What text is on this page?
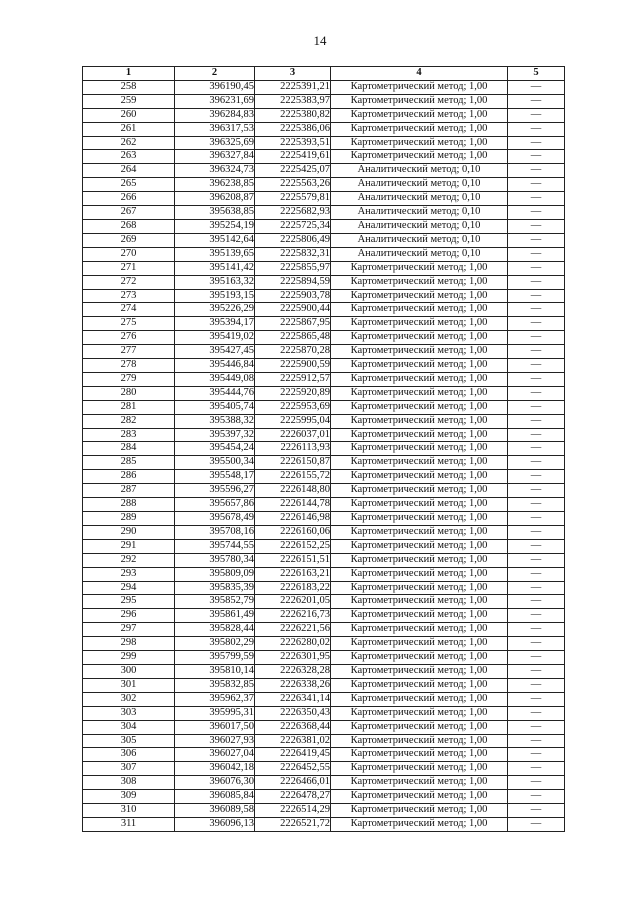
14
1	2	3	4	5
258	396190,45	2225391,21	Картометрический метод; 1,00	—
259	396231,69	2225383,97	Картометрический метод; 1,00	—
260	396284,83	2225380,82	Картометрический метод; 1,00	—
261	396317,53	2225386,06	Картометрический метод; 1,00	—
262	396325,69	2225393,51	Картометрический метод; 1,00	—
263	396327,84	2225419,61	Картометрический метод; 1,00	—
264	396324,73	2225425,07	Аналитический метод; 0,10	—
265	396238,85	2225563,26	Аналитический метод; 0,10	—
266	396208,87	2225579,81	Аналитический метод; 0,10	—
267	395638,85	2225682,93	Аналитический метод; 0,10	—
268	395254,19	2225725,34	Аналитический метод; 0,10	—
269	395142,64	2225806,49	Аналитический метод; 0,10	—
270	395139,65	2225832,31	Аналитический метод; 0,10	—
271	395141,42	2225855,97	Картометрический метод; 1,00	—
272	395163,32	2225894,59	Картометрический метод; 1,00	—
273	395193,15	2225903,78	Картометрический метод; 1,00	—
274	395226,29	2225900,44	Картометрический метод; 1,00	—
275	395394,17	2225867,95	Картометрический метод; 1,00	—
276	395419,02	2225865,48	Картометрический метод; 1,00	—
277	395427,45	2225870,28	Картометрический метод; 1,00	—
278	395446,84	2225900,59	Картометрический метод; 1,00	—
279	395449,08	2225912,57	Картометрический метод; 1,00	—
280	395444,76	2225920,89	Картометрический метод; 1,00	—
281	395405,74	2225953,69	Картометрический метод; 1,00	—
282	395388,32	2225995,04	Картометрический метод; 1,00	—
283	395397,32	2226037,01	Картометрический метод; 1,00	—
284	395454,24	2226113,93	Картометрический метод; 1,00	—
285	395500,34	2226150,87	Картометрический метод; 1,00	—
286	395548,17	2226155,72	Картометрический метод; 1,00	—
287	395596,27	2226148,80	Картометрический метод; 1,00	—
288	395657,86	2226144,78	Картометрический метод; 1,00	—
289	395678,49	2226146,98	Картометрический метод; 1,00	—
290	395708,16	2226160,06	Картометрический метод; 1,00	—
291	395744,55	2226152,25	Картометрический метод; 1,00	—
292	395780,34	2226151,51	Картометрический метод; 1,00	—
293	395809,09	2226163,21	Картометрический метод; 1,00	—
294	395835,39	2226183,22	Картометрический метод; 1,00	—
295	395852,79	2226201,05	Картометрический метод; 1,00	—
296	395861,49	2226216,73	Картометрический метод; 1,00	—
297	395828,44	2226221,56	Картометрический метод; 1,00	—
298	395802,29	2226280,02	Картометрический метод; 1,00	—
299	395799,59	2226301,95	Картометрический метод; 1,00	—
300	395810,14	2226328,28	Картометрический метод; 1,00	—
301	395832,85	2226338,26	Картометрический метод; 1,00	—
302	395962,37	2226341,14	Картометрический метод; 1,00	—
303	395995,31	2226350,43	Картометрический метод; 1,00	—
304	396017,50	2226368,44	Картометрический метод; 1,00	—
305	396027,93	2226381,02	Картометрический метод; 1,00	—
306	396027,04	2226419,45	Картометрический метод; 1,00	—
307	396042,18	2226452,55	Картометрический метод; 1,00	—
308	396076,30	2226466,01	Картометрический метод; 1,00	—
309	396085,84	2226478,27	Картометрический метод; 1,00	—
310	396089,58	2226514,29	Картометрический метод; 1,00	—
311	396096,13	2226521,72	Картометрический метод; 1,00	—
